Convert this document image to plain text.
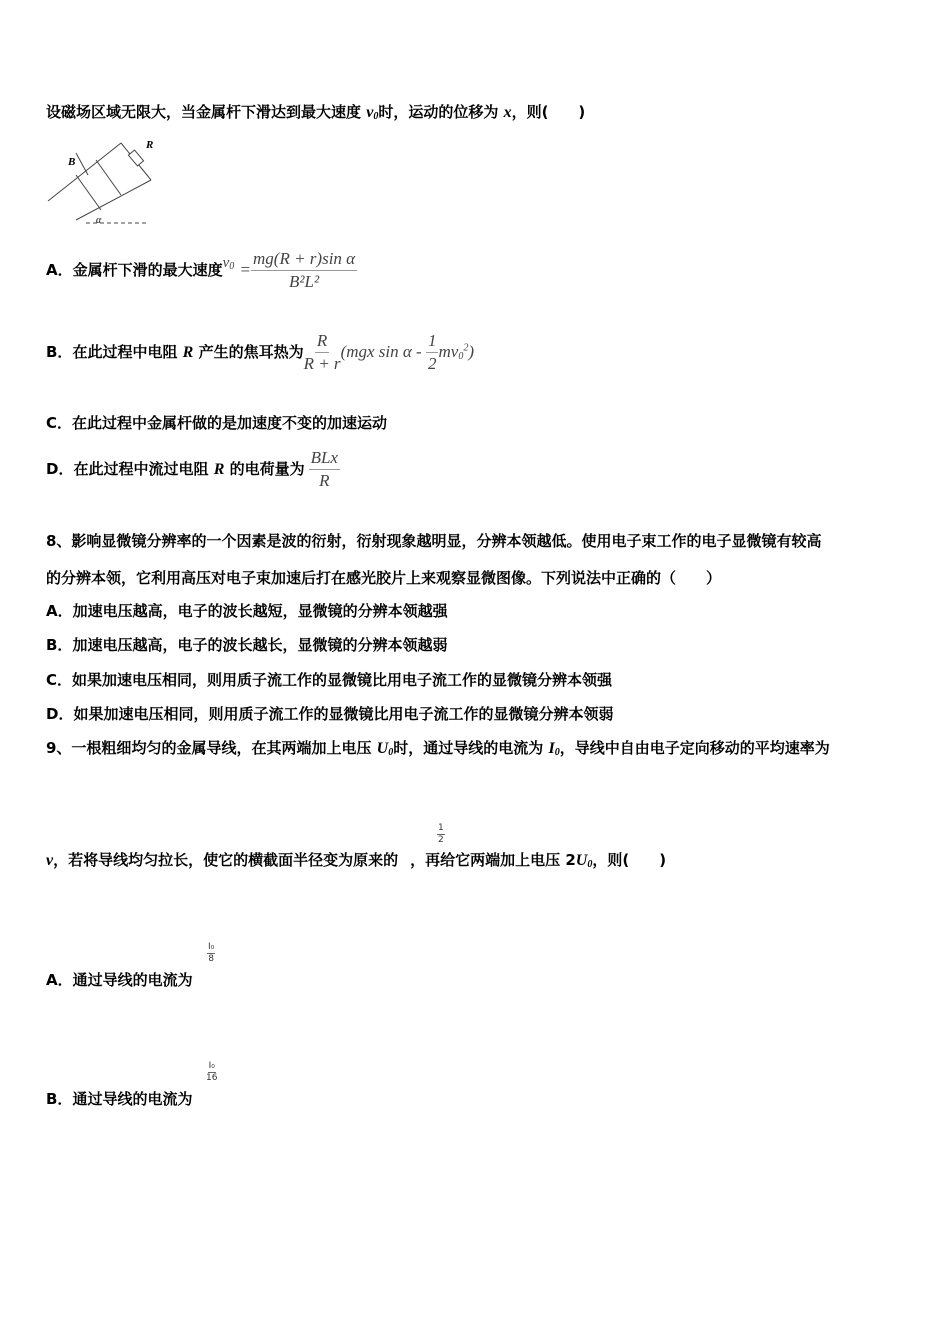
设磁场区域无限大，当金属杆下滑达到最大速度 $v_0$时，运动的位移为 x，则(　　)
B
R
α
A．金属杆下滑的最大速度$v_0 = \frac{\text{mg(R + r)sin α}}{\text{B²L²}}$
B．在此过程中电阻 R 产生的焦耳热为 $\frac{R}{R + r} (mgx$ sin α - $\frac{1}{2} mv_0^2$)
C．在此过程中金属杆做的是加速度不变的加速运动
D．在此过程中流过电阻 R 的电荷量为 $\frac{\text{BLx}}{R}$
8、影响显微镜分辨率的一个因素是波的衍射，衍射现象越明显，分辨本领越低。使用电子束工作的电子显微镜有较高
的分辨本领，它利用高压对电子束加速后打在感光胶片上来观察显微图像。下列说法中正确的（　　）
A．加速电压越高，电子的波长越短，显微镜的分辨本领越强
B．加速电压越高，电子的波长越长，显微镜的分辨本领越弱
C．如果加速电压相同，则用质子流工作的显微镜比用电子流工作的显微镜分辨本领强
D．如果加速电压相同，则用质子流工作的显微镜比用电子流工作的显微镜分辨本领弱
9、一根粗细均匀的金属导线，在其两端加上电压 $U_0$时，通过导线的电流为 $I_0$，导线中自由电子定向移动的平均速率为
v，若将导线均匀拉长，使它的横截面半径变为原来的 ，再给它两端加上电压 $2U_0$，则(　　)
$\frac{1}{2}$
A．通过导线的电流为
$\frac{\text{I₀}}{8}$
B．通过导线的电流为
$\frac{\text{I₀}}{16}$
